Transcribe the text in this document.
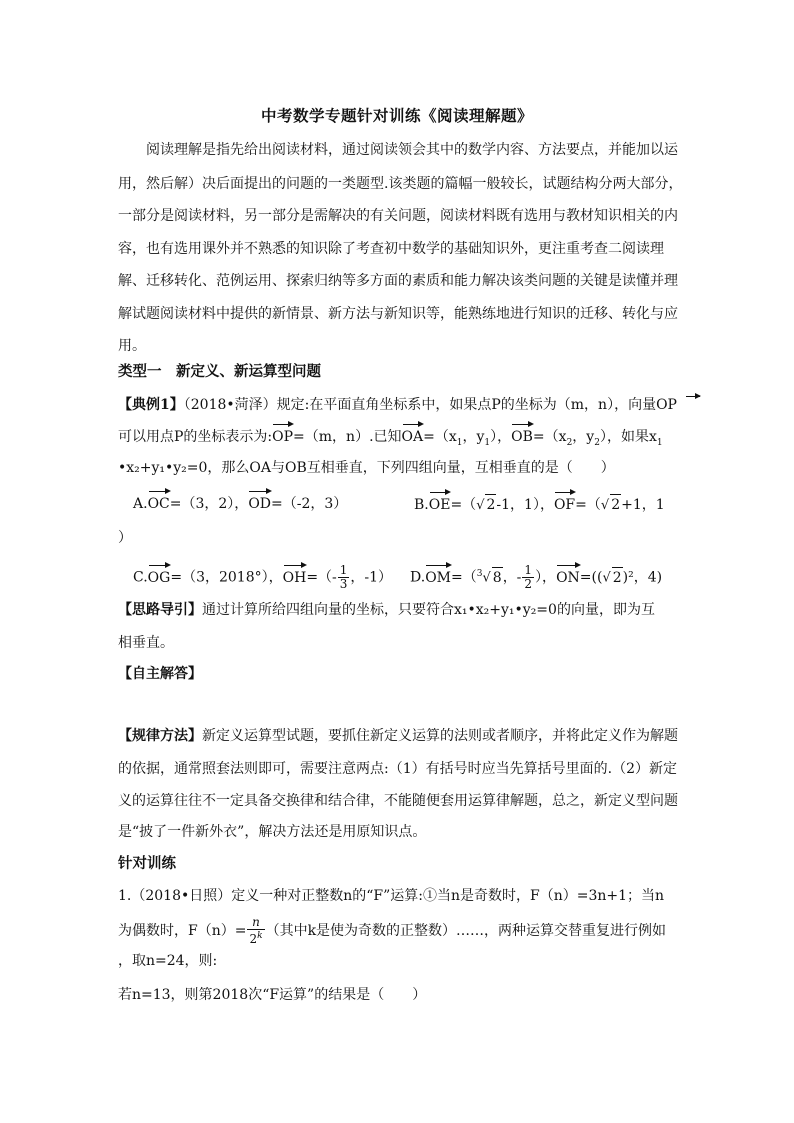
中考数学专题针对训练《阅读理解题》
　　阅读理解是指先给出阅读材料，通过阅读领会其中的数学内容、方法要点，并能加以运
用，然后解）决后面提出的问题的一类题型.该类题的篇幅一般较长，试题结构分两大部分，
一部分是阅读材料，另一部分是需解决的有关问题，阅读材料既有选用与教材知识相关的内
容，也有选用课外并不熟悉的知识除了考查初中数学的基础知识外，更注重考查二阅读理
解、迁移转化、范例运用、探索归纳等多方面的素质和能力解决该类问题的关键是读懂并理
解试题阅读材料中提供的新情景、新方法与新知识等，能熟练地进行知识的迁移、转化与应
用。
类型一　新定义、新运算型问题
【典例1】（2018•菏泽）规定:在平面直角坐标系中，如果点P的坐标为（m，n），向量OP
可以用点P的坐标表示为:OP=（m，n）.已知$OA=(x_1$，$y_1$），$OB=(x_2$，$y_2$），如果$x_1$
•x₂+y₁•y₂=0，那么OA与OB互相垂直，下列四组向量，互相垂直的是（　　）
A.OC=（3，2），OD=（-2，3）	B.OE=（√ 2-1，1），OF=（√ 2+1，1
）
C.OG=（3，2018°），$OH=(- \frac{1}{3}$ ，-1） D.OM=（$^3$√ 8，- $\frac{1}{2}$ ），ON=((√ 2)²，4)
【思路导引】通过计算所给四组向量的坐标，只要符合x₁•x₂+y₁•y₂=0的向量，即为互
相垂直。
【自主解答】
【规律方法】新定义运算型试题，要抓住新定义运算的法则或者顺序，并将此定义作为解题
的依据，通常照套法则即可，需要注意两点:（1）有括号时应当先算括号里面的.（2）新定
义的运算往往不一定具备交换律和结合律，不能随便套用运算律解题，总之，新定义型问题
是“披了一件新外衣”，解决方法还是用原知识点。
针对训练
1.（2018•日照）定义一种对正整数n的“F”运算:①当n是奇数时，F（n）=3n+1；当n
为偶数时，$F(n)= \frac{n}{2^k}$ （其中k是使为奇数的正整数）……，两种运算交替重复进行例如
，取n=24，则:
若n=13，则第2018次“F运算”的结果是（　　）
